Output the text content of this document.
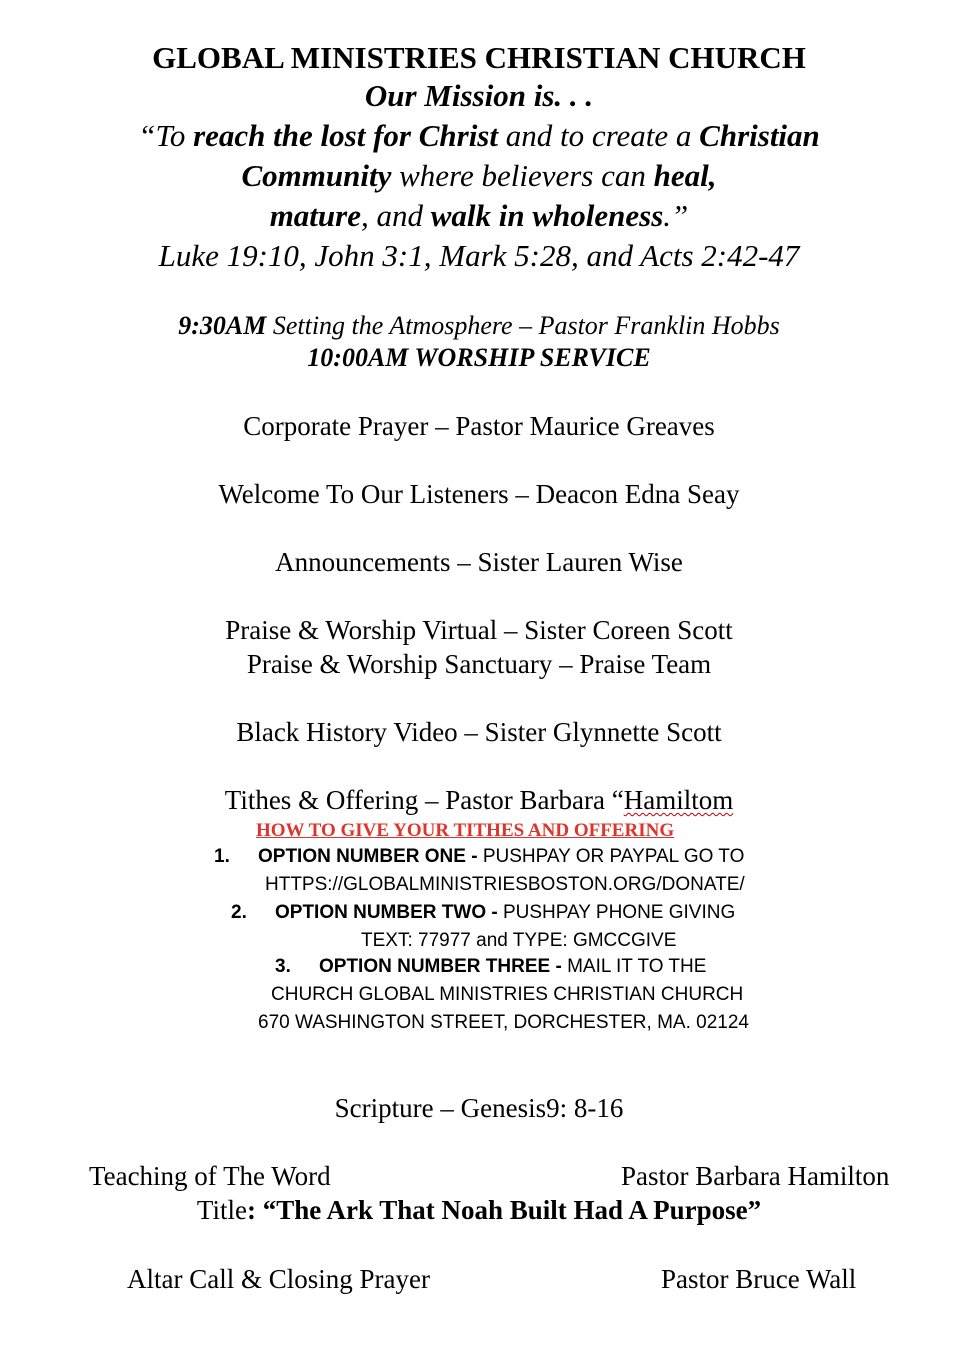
GLOBAL MINISTRIES CHRISTIAN CHURCH
Our Mission is. . .
“To reach the lost for Christ and to create a Christian
Community where believers can heal,
mature, and walk in wholeness.”
Luke 19:10, John 3:1, Mark 5:28, and Acts 2:42-47
9:30AM Setting the Atmosphere – Pastor Franklin Hobbs
10:00AM WORSHIP SERVICE
Corporate Prayer – Pastor Maurice Greaves
Welcome To Our Listeners – Deacon Edna Seay
Announcements – Sister Lauren Wise
Praise & Worship Virtual – Sister Coreen Scott
Praise & Worship Sanctuary – Praise Team
Black History Video – Sister Glynnette Scott
Tithes & Offering – Pastor Barbara “Hamiltom
HOW TO GIVE YOUR TITHES AND OFFERING
1. OPTION NUMBER ONE - PUSHPAY OR PAYPAL GO TO
HTTPS://GLOBALMINISTRIESBOSTON.ORG/DONATE/
2. OPTION NUMBER TWO - PUSHPAY PHONE GIVING
TEXT: 77977 and TYPE: GMCCGIVE
3. OPTION NUMBER THREE - MAIL IT TO THE
CHURCH GLOBAL MINISTRIES CHRISTIAN CHURCH
670 WASHINGTON STREET, DORCHESTER, MA. 02124
Scripture – Genesis9: 8-16
Teaching of The Word	Pastor Barbara Hamilton
Title: “The Ark That Noah Built Had A Purpose”
Altar Call & Closing Prayer	Pastor Bruce Wall
